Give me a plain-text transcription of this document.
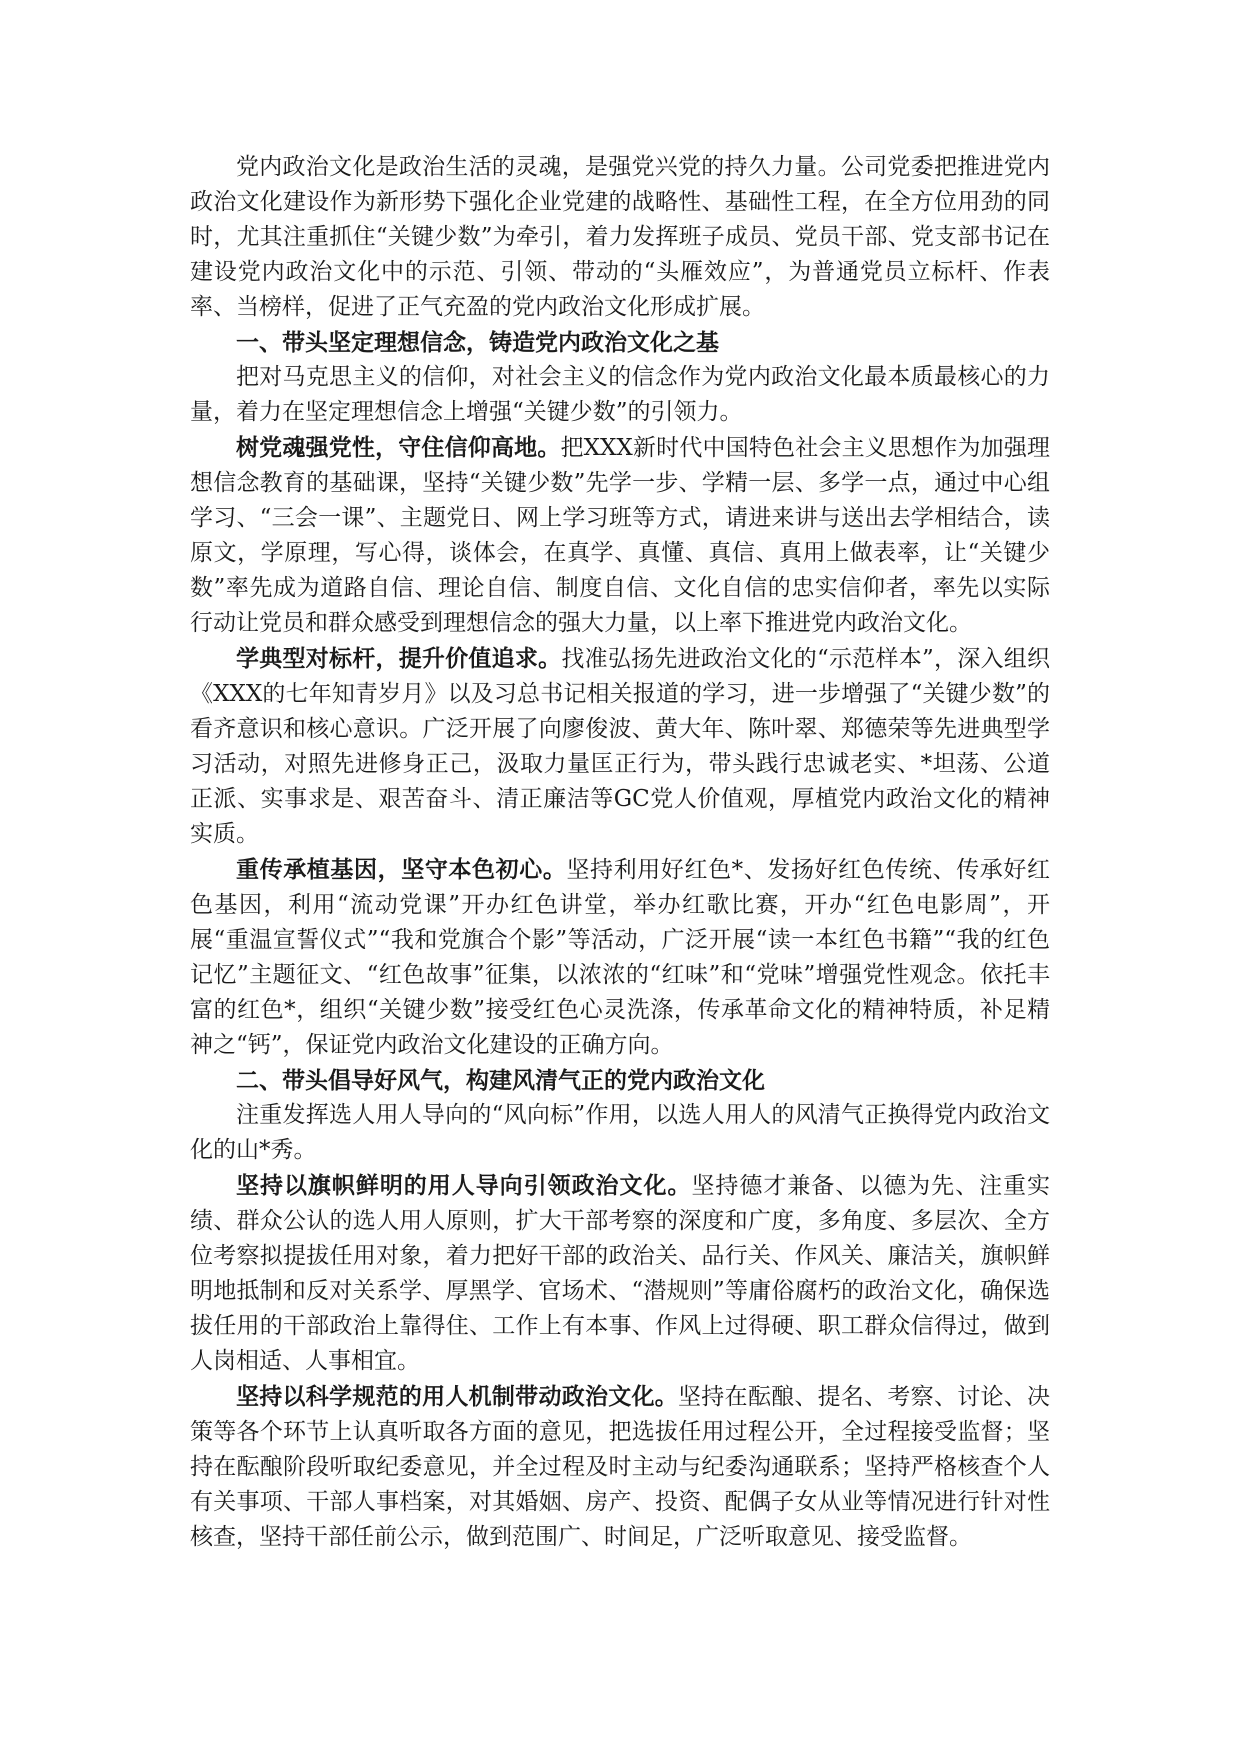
党内政治文化是政治生活的灵魂，是强党兴党的持久力量。公司党委把推进党内政治文化建设作为新形势下强化企业党建的战略性、基础性工程，在全方位用劲的同时，尤其注重抓住“关键少数”为牵引，着力发挥班子成员、党员干部、党支部书记在建设党内政治文化中的示范、引领、带动的“头雁效应”，为普通党员立标杆、作表率、当榜样，促进了正气充盈的党内政治文化形成扩展。

一、带头坚定理想信念，铸造党内政治文化之基

把对马克思主义的信仰，对社会主义的信念作为党内政治文化最本质最核心的力量，着力在坚定理想信念上增强“关键少数”的引领力。

树党魂强党性，守住信仰高地。把XXX新时代中国特色社会主义思想作为加强理想信念教育的基础课，坚持“关键少数”先学一步、学精一层、多学一点，通过中心组学习、“三会一课”、主题党日、网上学习班等方式，请进来讲与送出去学相结合，读原文，学原理，写心得，谈体会，在真学、真懂、真信、真用上做表率，让“关键少数”率先成为道路自信、理论自信、制度自信、文化自信的忠实信仰者，率先以实际行动让党员和群众感受到理想信念的强大力量，以上率下推进党内政治文化。

学典型对标杆，提升价值追求。找准弘扬先进政治文化的“示范样本”，深入组织《XXX的七年知青岁月》以及习总书记相关报道的学习，进一步增强了“关键少数”的看齐意识和核心意识。广泛开展了向廖俊波、黄大年、陈叶翠、郑德荣等先进典型学习活动，对照先进修身正己，汲取力量匡正行为，带头践行忠诚老实、*坦荡、公道正派、实事求是、艰苦奋斗、清正廉洁等GC党人价值观，厚植党内政治文化的精神实质。

重传承植基因，坚守本色初心。坚持利用好红色*、发扬好红色传统、传承好红色基因，利用“流动党课”开办红色讲堂，举办红歌比赛，开办“红色电影周”，开展“重温宣誓仪式”“我和党旗合个影”等活动，广泛开展“读一本红色书籍”“我的红色记忆”主题征文、“红色故事”征集，以浓浓的“红味”和“党味”增强党性观念。依托丰富的红色*，组织“关键少数”接受红色心灵洗涤，传承革命文化的精神特质，补足精神之“钙”，保证党内政治文化建设的正确方向。

二、带头倡导好风气，构建风清气正的党内政治文化

注重发挥选人用人导向的“风向标”作用，以选人用人的风清气正换得党内政治文化的山*秀。

坚持以旗帜鲜明的用人导向引领政治文化。坚持德才兼备、以德为先、注重实绩、群众公认的选人用人原则，扩大干部考察的深度和广度，多角度、多层次、全方位考察拟提拔任用对象，着力把好干部的政治关、品行关、作风关、廉洁关，旗帜鲜明地抵制和反对关系学、厚黑学、官场术、“潜规则”等庸俗腐朽的政治文化，确保选拔任用的干部政治上靠得住、工作上有本事、作风上过得硬、职工群众信得过，做到人岗相适、人事相宜。

坚持以科学规范的用人机制带动政治文化。坚持在酝酿、提名、考察、讨论、决策等各个环节上认真听取各方面的意见，把选拔任用过程公开，全过程接受监督；坚持在酝酿阶段听取纪委意见，并全过程及时主动与纪委沟通联系；坚持严格核查个人有关事项、干部人事档案，对其婚姻、房产、投资、配偶子女从业等情况进行针对性核查，坚持干部任前公示，做到范围广、时间足，广泛听取意见、接受监督。
